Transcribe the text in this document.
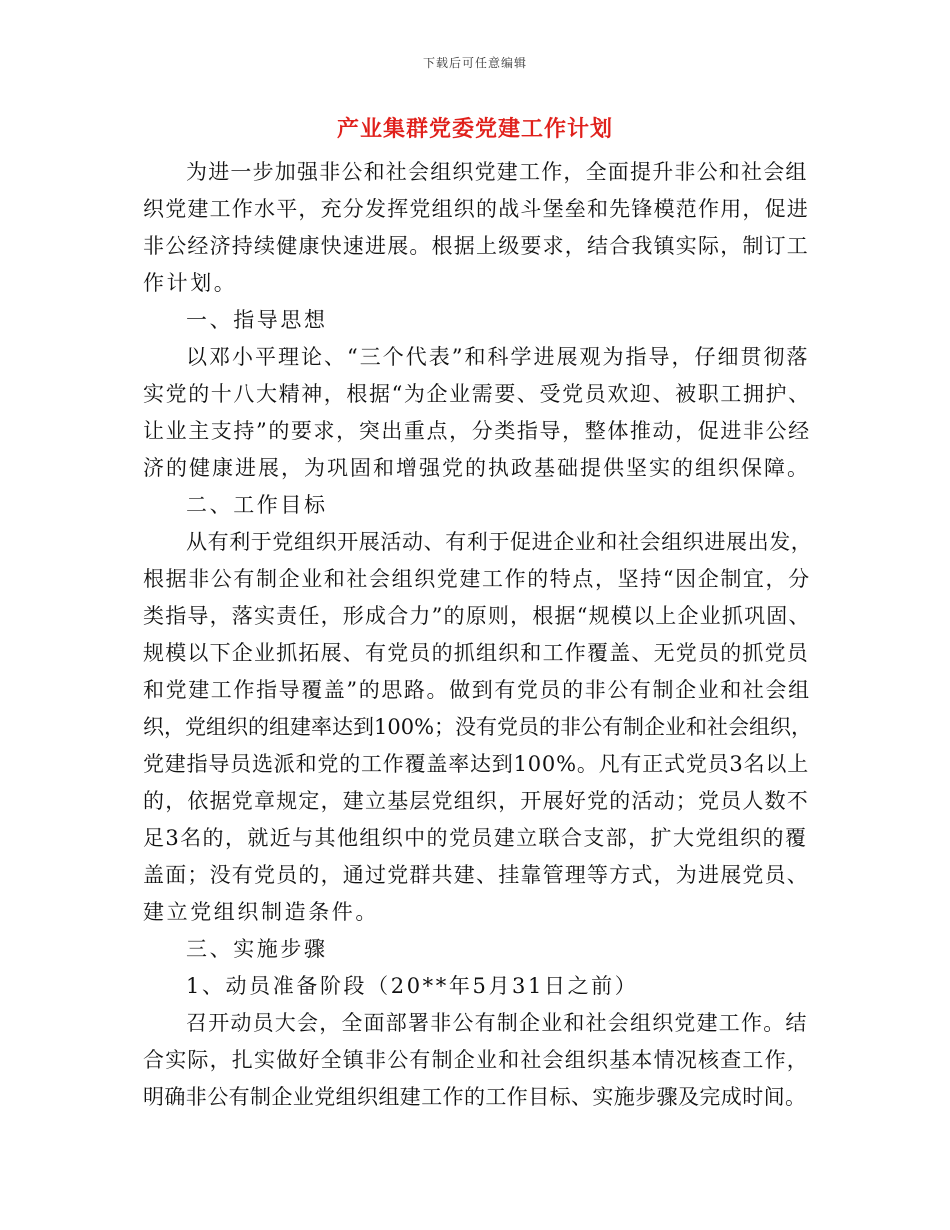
下载后可任意编辑
产业集群党委党建工作计划
为进一步加强非公和社会组织党建工作，全面提升非公和社会组
织党建工作水平，充分发挥党组织的战斗堡垒和先锋模范作用，促进
非公经济持续健康快速进展。根据上级要求，结合我镇实际，制订工
作计划。
一、指导思想
以邓小平理论、“三个代表”和科学进展观为指导，仔细贯彻落
实党的十八大精神，根据“为企业需要、受党员欢迎、被职工拥护、
让业主支持”的要求，突出重点，分类指导，整体推动，促进非公经
济的健康进展，为巩固和增强党的执政基础提供坚实的组织保障。
二、工作目标
从有利于党组织开展活动、有利于促进企业和社会组织进展出发，
根据非公有制企业和社会组织党建工作的特点，坚持“因企制宜，分
类指导，落实责任，形成合力”的原则，根据“规模以上企业抓巩固、
规模以下企业抓拓展、有党员的抓组织和工作覆盖、无党员的抓党员
和党建工作指导覆盖”的思路。做到有党员的非公有制企业和社会组
织，党组织的组建率达到100%；没有党员的非公有制企业和社会组织，
党建指导员选派和党的工作覆盖率达到100%。凡有正式党员3名以上
的，依据党章规定，建立基层党组织，开展好党的活动；党员人数不
足3名的，就近与其他组织中的党员建立联合支部，扩大党组织的覆
盖面；没有党员的，通过党群共建、挂靠管理等方式，为进展党员、
建立党组织制造条件。
三、实施步骤
1、动员准备阶段（20**年5月31日之前）
召开动员大会，全面部署非公有制企业和社会组织党建工作。结
合实际，扎实做好全镇非公有制企业和社会组织基本情况核查工作，
明确非公有制企业党组织组建工作的工作目标、实施步骤及完成时间。
